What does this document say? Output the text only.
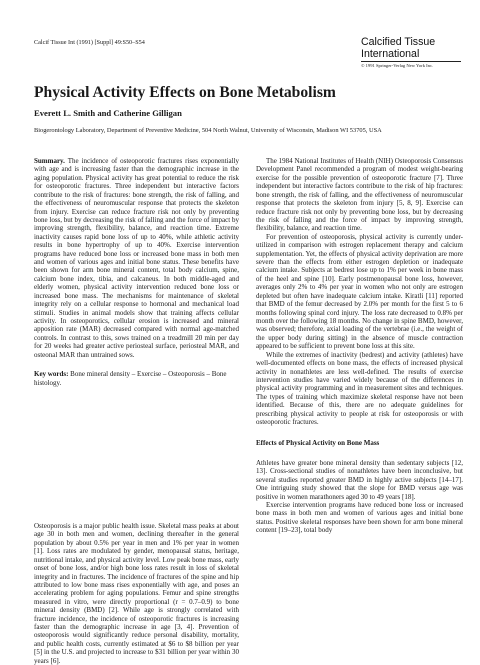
Calcif Tissue Int (1991) [Suppl] 49:S50–S54	Calcified Tissue
International
© 1991 Springer-Verlag New York Inc.
Physical Activity Effects on Bone Metabolism

Everett L. Smith and Catherine Gilligan

Biogerontology Laboratory, Department of Preventive Medicine, 504 North Walnut, University of Wisconsin, Madison WI 53705, USA

Summary. The incidence of osteoporotic fractures rises exponentially with age and is increasing faster than the demographic increase in the aging population. Physical activity has great potential to reduce the risk for osteoporotic fractures. Three independent but interactive factors contribute to the risk of fractures: bone strength, the risk of falling, and the effectiveness of neuromuscular response that protects the skeleton from injury. Exercise can reduce fracture risk not only by preventing bone loss, but by decreasing the risk of falling and the force of impact by improving strength, flexibility, balance, and reaction time. Extreme inactivity causes rapid bone loss of up to 40%, while athletic activity results in bone hypertrophy of up to 40%. Exercise intervention programs have reduced bone loss or increased bone mass in both men and women of various ages and initial bone status. These benefits have been shown for arm bone mineral content, total body calcium, spine, calcium bone index, tibia, and calcaneus. In both middle-aged and elderly women, physical activity intervention reduced bone loss or increased bone mass. The mechanisms for maintenance of skeletal integrity rely on a cellular response to hormonal and mechanical load stimuli. Studies in animal models show that training affects cellular activity. In osteoporotics, cellular erosion is increased and mineral apposition rate (MAR) decreased compared with normal age-matched controls. In contrast to this, sows trained on a treadmill 20 min per day for 20 weeks had greater active periosteal surface, periosteal MAR, and osteonal MAR than untrained sows.

Key words: Bone mineral density – Exercise – Osteoporosis – Bone histology.

Osteoporosis is a major public health issue. Skeletal mass peaks at about age 30 in both men and women, declining thereafter in the general population by about 0.5% per year in men and 1% per year in women [1]. Loss rates are modulated by gender, menopausal status, heritage, nutritional intake, and physical activity level. Low peak bone mass, early onset of bone loss, and/or high bone loss rates result in loss of skeletal integrity and in fractures. The incidence of fractures of the spine and hip attributed to low bone mass rises exponentially with age, and poses an accelerating problem for aging populations. Femur and spine strengths measured in vitro, were directly proportional (r = 0.7–0.9) to bone mineral density (BMD) [2]. While age is strongly correlated with fracture incidence, the incidence of osteoporotic fractures is increasing faster than the demographic increase in age [3, 4]. Prevention of osteoporosis would significantly reduce personal disability, mortality, and public health costs, currently estimated at $6 to $8 billion per year [5] in the U.S. and projected to increase to $31 billion per year within 30 years [6].

The 1984 National Institutes of Health (NIH) Osteoporosis Consensus Development Panel recommended a program of modest weight-bearing exercise for the possible prevention of osteoporotic fracture [7]. Three independent but interactive factors contribute to the risk of hip fractures: bone strength, the risk of falling, and the effectiveness of neuromuscular response that protects the skeleton from injury [5, 8, 9]. Exercise can reduce fracture risk not only by preventing bone loss, but by decreasing the risk of falling and the force of impact by improving strength, flexibility, balance, and reaction time.

For prevention of osteoporosis, physical activity is currently under-utilized in comparison with estrogen replacement therapy and calcium supplementation. Yet, the effects of physical activity deprivation are more severe than the effects from either estrogen depletion or inadequate calcium intake. Subjects at bedrest lose up to 1% per week in bone mass of the heel and spine [10]. Early postmenopausal bone loss, however, averages only 2% to 4% per year in women who not only are estrogen depleted but often have inadequate calcium intake. Kiratli [11] reported that BMD of the femur decreased by 2.0% per month for the first 5 to 6 months following spinal cord injury. The loss rate decreased to 0.8% per month over the following 18 months. No change in spine BMD, however, was observed; therefore, axial loading of the vertebrae (i.e., the weight of the upper body during sitting) in the absence of muscle contraction appeared to be sufficient to prevent bone loss at this site.

While the extremes of inactivity (bedrest) and activity (athletes) have well-documented effects on bone mass, the effects of increased physical activity in nonathletes are less well-defined. The results of exercise intervention studies have varied widely because of the differences in physical activity programming and in measurement sites and techniques. The types of training which maximize skeletal response have not been identified. Because of this, there are no adequate guidelines for prescribing physical activity to people at risk for osteoporosis or with osteoporotic fractures.

Effects of Physical Activity on Bone Mass

Athletes have greater bone mineral density than sedentary subjects [12, 13]. Cross-sectional studies of nonathletes have been inconclusive, but several studies reported greater BMD in highly active subjects [14–17]. One intriguing study showed that the slope for BMD versus age was positive in women marathoners aged 30 to 49 years [18].

Exercise intervention programs have reduced bone loss or increased bone mass in both men and women of various ages and initial bone status. Positive skeletal responses have been shown for arm bone mineral content [19–23], total body
